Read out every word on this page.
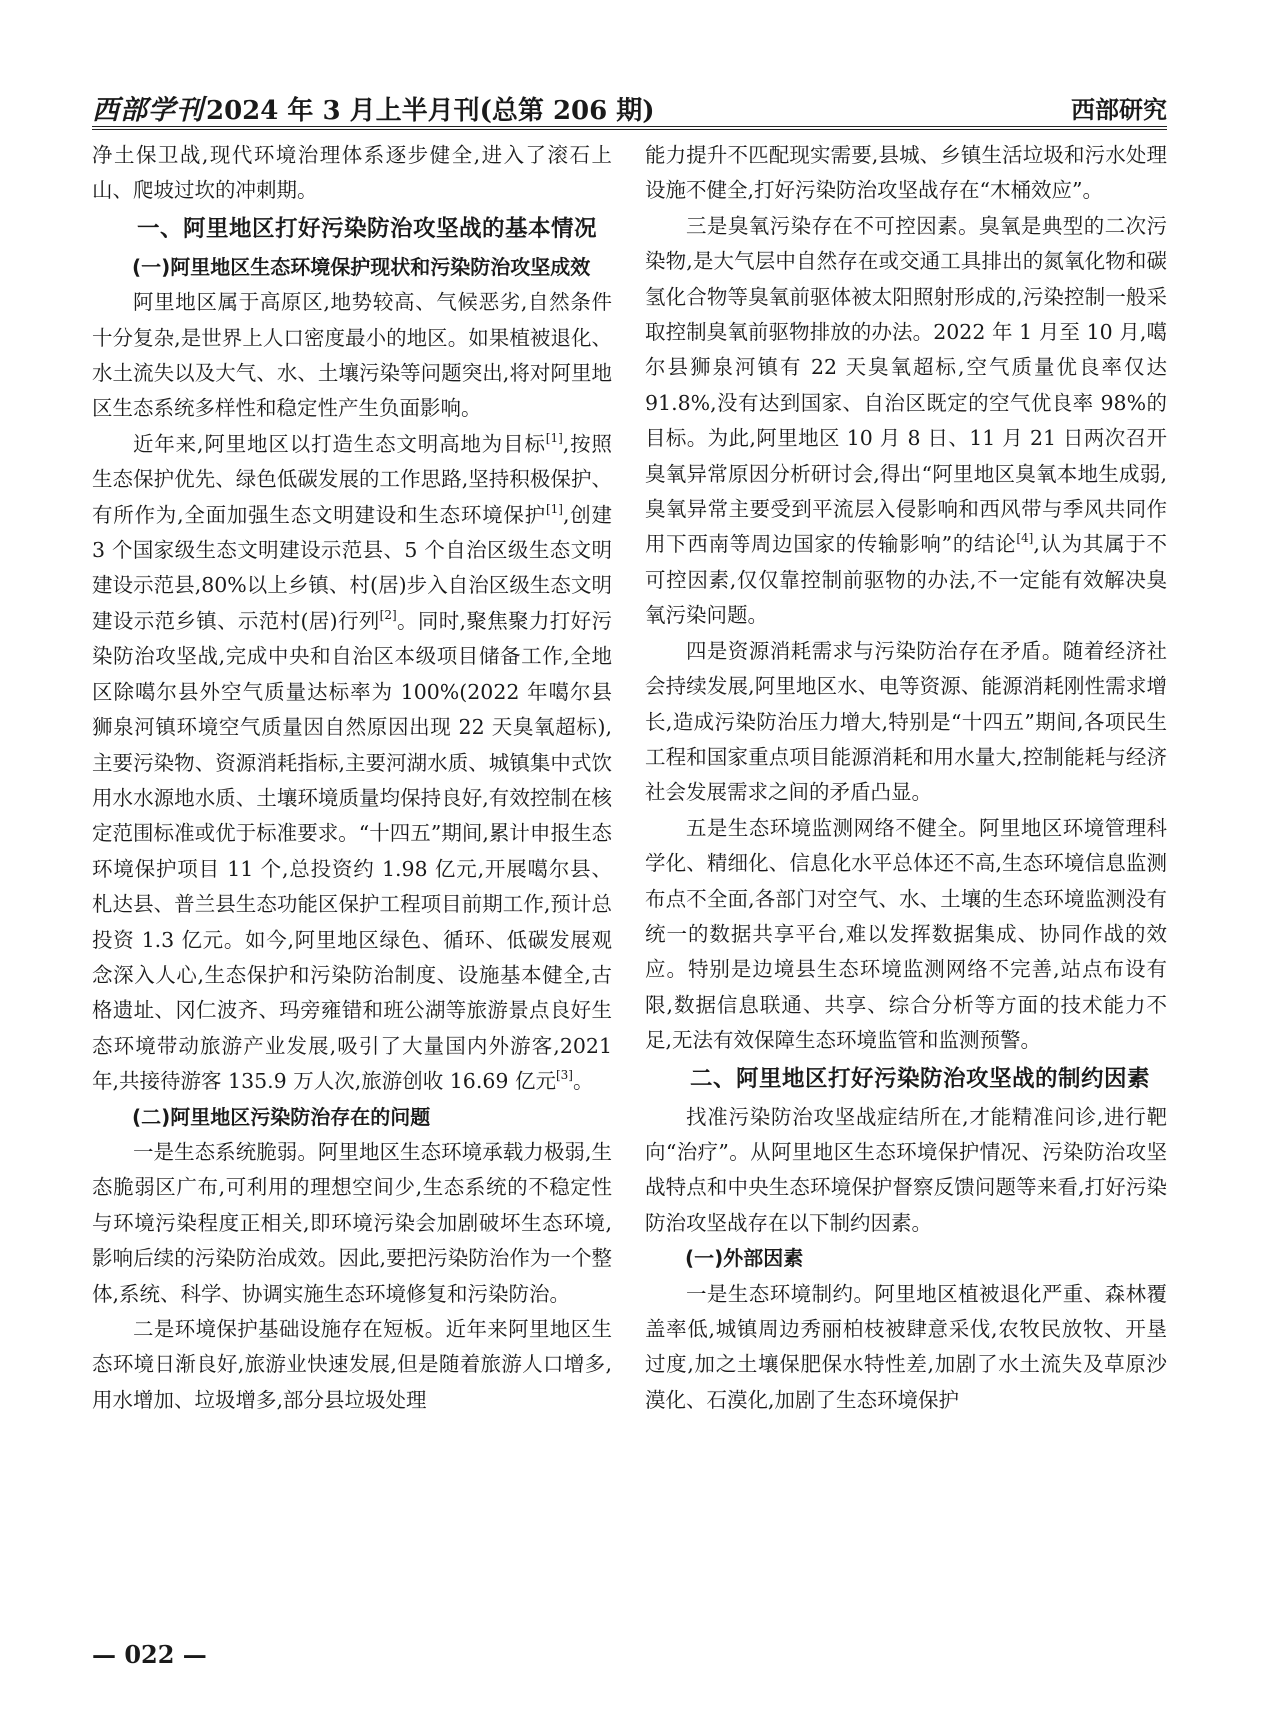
西部学刊 2024 年 3 月上半月刊(总第 206 期)	西部研究

净土保卫战,现代环境治理体系逐步健全,进入了滚石上山、爬坡过坎的冲刺期。

一、阿里地区打好污染防治攻坚战的基本情况
(一)阿里地区生态环境保护现状和污染防治攻坚成效

阿里地区属于高原区,地势较高、气候恶劣,自然条件十分复杂,是世界上人口密度最小的地区。如果植被退化、水土流失以及大气、水、土壤污染等问题突出,将对阿里地区生态系统多样性和稳定性产生负面影响。

近年来,阿里地区以打造生态文明高地为目标[1],按照生态保护优先、绿色低碳发展的工作思路,坚持积极保护、有所作为,全面加强生态文明建设和生态环境保护[1],创建 3 个国家级生态文明建设示范县、5 个自治区级生态文明建设示范县,80%以上乡镇、村(居)步入自治区级生态文明建设示范乡镇、示范村(居)行列[2]。同时,聚焦聚力打好污染防治攻坚战,完成中央和自治区本级项目储备工作,全地区除噶尔县外空气质量达标率为 100%(2022 年噶尔县狮泉河镇环境空气质量因自然原因出现 22 天臭氧超标),主要污染物、资源消耗指标,主要河湖水质、城镇集中式饮用水水源地水质、土壤环境质量均保持良好,有效控制在核定范围标准或优于标准要求。“十四五”期间,累计申报生态环境保护项目 11 个,总投资约 1.98 亿元,开展噶尔县、札达县、普兰县生态功能区保护工程项目前期工作,预计总投资 1.3 亿元。如今,阿里地区绿色、循环、低碳发展观念深入人心,生态保护和污染防治制度、设施基本健全,古格遗址、冈仁波齐、玛旁雍错和班公湖等旅游景点良好生态环境带动旅游产业发展,吸引了大量国内外游客,2021 年,共接待游客 135.9 万人次,旅游创收 16.69 亿元[3]。

(二)阿里地区污染防治存在的问题

一是生态系统脆弱。阿里地区生态环境承载力极弱,生态脆弱区广布,可利用的理想空间少,生态系统的不稳定性与环境污染程度正相关,即环境污染会加剧破坏生态环境,影响后续的污染防治成效。因此,要把污染防治作为一个整体,系统、科学、协调实施生态环境修复和污染防治。

二是环境保护基础设施存在短板。近年来阿里地区生态环境日渐良好,旅游业快速发展,但是随着旅游人口增多,用水增加、垃圾增多,部分县垃圾处理

能力提升不匹配现实需要,县城、乡镇生活垃圾和污水处理设施不健全,打好污染防治攻坚战存在“木桶效应”。

三是臭氧污染存在不可控因素。臭氧是典型的二次污染物,是大气层中自然存在或交通工具排出的氮氧化物和碳氢化合物等臭氧前驱体被太阳照射形成的,污染控制一般采取控制臭氧前驱物排放的办法。2022 年 1 月至 10 月,噶尔县狮泉河镇有 22 天臭氧超标,空气质量优良率仅达 91.8%,没有达到国家、自治区既定的空气优良率 98%的目标。为此,阿里地区 10 月 8 日、11 月 21 日两次召开臭氧异常原因分析研讨会,得出“阿里地区臭氧本地生成弱,臭氧异常主要受到平流层入侵影响和西风带与季风共同作用下西南等周边国家的传输影响”的结论[4],认为其属于不可控因素,仅仅靠控制前驱物的办法,不一定能有效解决臭氧污染问题。

四是资源消耗需求与污染防治存在矛盾。随着经济社会持续发展,阿里地区水、电等资源、能源消耗刚性需求增长,造成污染防治压力增大,特别是“十四五”期间,各项民生工程和国家重点项目能源消耗和用水量大,控制能耗与经济社会发展需求之间的矛盾凸显。

五是生态环境监测网络不健全。阿里地区环境管理科学化、精细化、信息化水平总体还不高,生态环境信息监测布点不全面,各部门对空气、水、土壤的生态环境监测没有统一的数据共享平台,难以发挥数据集成、协同作战的效应。特别是边境县生态环境监测网络不完善,站点布设有限,数据信息联通、共享、综合分析等方面的技术能力不足,无法有效保障生态环境监管和监测预警。

二、阿里地区打好污染防治攻坚战的制约因素

找准污染防治攻坚战症结所在,才能精准问诊,进行靶向“治疗”。从阿里地区生态环境保护情况、污染防治攻坚战特点和中央生态环境保护督察反馈问题等来看,打好污染防治攻坚战存在以下制约因素。

(一)外部因素

一是生态环境制约。阿里地区植被退化严重、森林覆盖率低,城镇周边秀丽柏枝被肆意采伐,农牧民放牧、开垦过度,加之土壤保肥保水特性差,加剧了水土流失及草原沙漠化、石漠化,加剧了生态环境保护

— 022 —
